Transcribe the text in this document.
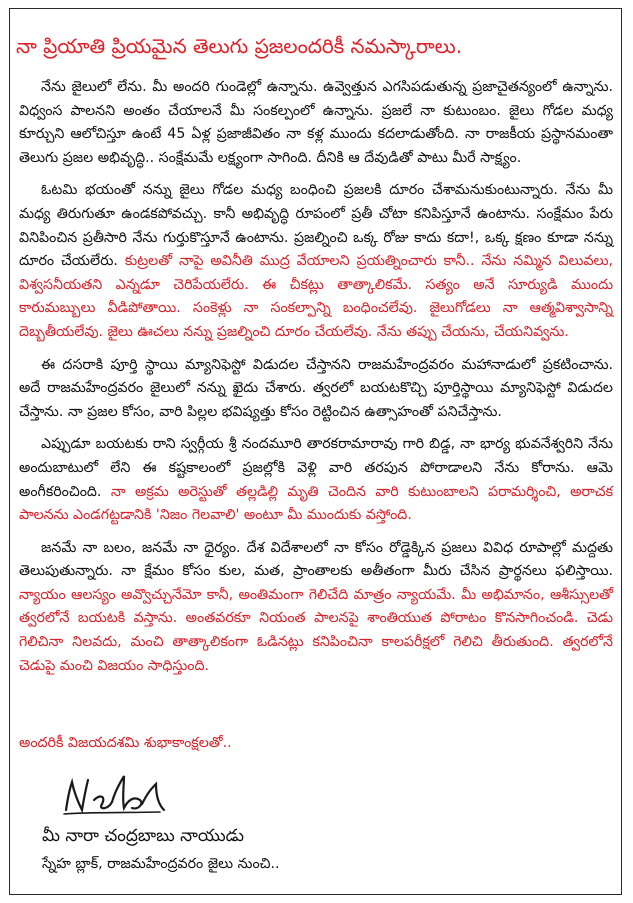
నా ప్రియాతి ప్రియమైన తెలుగు ప్రజలందరికీ నమస్కారాలు.

నేను జైలులో లేను. మీ అందరి గుండెల్లో ఉన్నాను. ఉవ్వెత్తున ఎగసిపడుతున్న ప్రజాచైతన్యంలో ఉన్నాను. విధ్వంస పాలనని అంతం చేయాలనే మీ సంకల్పంలో ఉన్నాను. ప్రజలే నా కుటుంబం. జైలు గోడల మధ్య కూర్చుని ఆలోచిస్తూ ఉంటే 45 ఏళ్ల ప్రజాజీవితం నా కళ్ల ముందు కదలాడుతోంది. నా రాజకీయ ప్రస్థానమంతా తెలుగు ప్రజల అభివృద్ధి.. సంక్షేమమే లక్ష్యంగా సాగింది. దీనికి ఆ దేవుడితో పాటు మీరే సాక్ష్యం.

ఓటమి భయంతో నన్ను జైలు గోడల మధ్య బంధించి ప్రజలకి దూరం చేశామనుకుంటున్నారు. నేను మీ మధ్య తిరుగుతూ ఉండకపోవచ్చు. కానీ అభివృద్ధి రూపంలో ప్రతీ చోటా కనిపిస్తూనే ఉంటాను. సంక్షేమం పేరు వినిపించిన ప్రతీసారి నేను గుర్తుకొస్తూనే ఉంటాను. ప్రజల్నించి ఒక్క రోజు కాదు కదా!, ఒక్క క్షణం కూడా నన్ను దూరం చేయలేరు. కుట్రలతో నాపై అవినీతి ముద్ర వేయాలని ప్రయత్నించారు కానీ.. నేను నమ్మిన విలువలు, విశ్వసనీయతని ఎన్నడూ చెరిపేయలేరు. ఈ చీకట్లు తాత్కాలికమే. సత్యం అనే సూర్యుడి ముందు కారుమబ్బులు వీడిపోతాయి. సంకెళ్లు నా సంకల్పాన్ని బంధించలేవు. జైలుగోడలు నా ఆత్మవిశ్వాసాన్ని దెబ్బతీయలేవు. జైలు ఊచలు నన్ను ప్రజల్నించి దూరం చేయలేవు. నేను తప్పు చేయను, చేయనివ్వను.

ఈ దసరాకి పూర్తి స్థాయి మ్యానిఫెస్టో విడుదల చేస్తానని రాజమహేంద్రవరం మహానాడులో ప్రకటించాను. అదే రాజమహేంద్రవరం జైలులో నన్ను ఖైదు చేశారు. త్వరలో బయటకొచ్చి పూర్తిస్థాయి మ్యానిఫెస్టో విడుదల చేస్తాను. నా ప్రజల కోసం, వారి పిల్లల భవిష్యత్తు కోసం రెట్టించిన ఉత్సాహంతో పనిచేస్తాను.

ఎప్పుడూ బయటకు రాని స్వర్గీయ శ్రీ నందమూరి తారకరామారావు గారి బిడ్డ, నా భార్య భువనేశ్వరిని నేను అందుబాటులో లేని ఈ కష్టకాలంలో ప్రజల్లోకి వెళ్లి వారి తరపున పోరాడాలని నేను కోరాను. ఆమె అంగీకరించింది. నా అక్రమ అరెస్టుతో తల్లడిల్లి మృతి చెందిన వారి కుటుంబాలని పరామర్శించి, అరాచక పాలనను ఎండగట్టడానికి 'నిజం గెలవాలి' అంటూ మీ ముందుకు వస్తోంది.

జనమే నా బలం, జనమే నా ధైర్యం. దేశ విదేశాలలో నా కోసం రోడ్డెక్కిన ప్రజలు వివిధ రూపాల్లో మద్దతు తెలుపుతున్నారు. నా క్షేమం కోసం కుల, మత, ప్రాంతాలకు అతీతంగా మీరు చేసిన ప్రార్థనలు ఫలిస్తాయి. న్యాయం ఆలస్యం అవ్వొచ్చునేమో కానీ, అంతిమంగా గెలిచేది మాత్రం న్యాయమే. మీ అభిమానం, ఆశీస్సులతో త్వరలోనే బయటకి వస్తాను. అంతవరకూ నియంత పాలనపై శాంతియుత పోరాటం కొనసాగించండి. చెడు గెలిచినా నిలవదు, మంచి తాత్కాలికంగా ఓడినట్లు కనిపించినా కాలపరీక్షలో గెలిచి తీరుతుంది. త్వరలోనే చెడుపై మంచి విజయం సాధిస్తుంది.

అందరికీ విజయదశమి శుభాకాంక్షలతో..
మీ నారా చంద్రబాబు నాయుడు
స్నేహ బ్లాక్, రాజమహేంద్రవరం జైలు నుంచి..
